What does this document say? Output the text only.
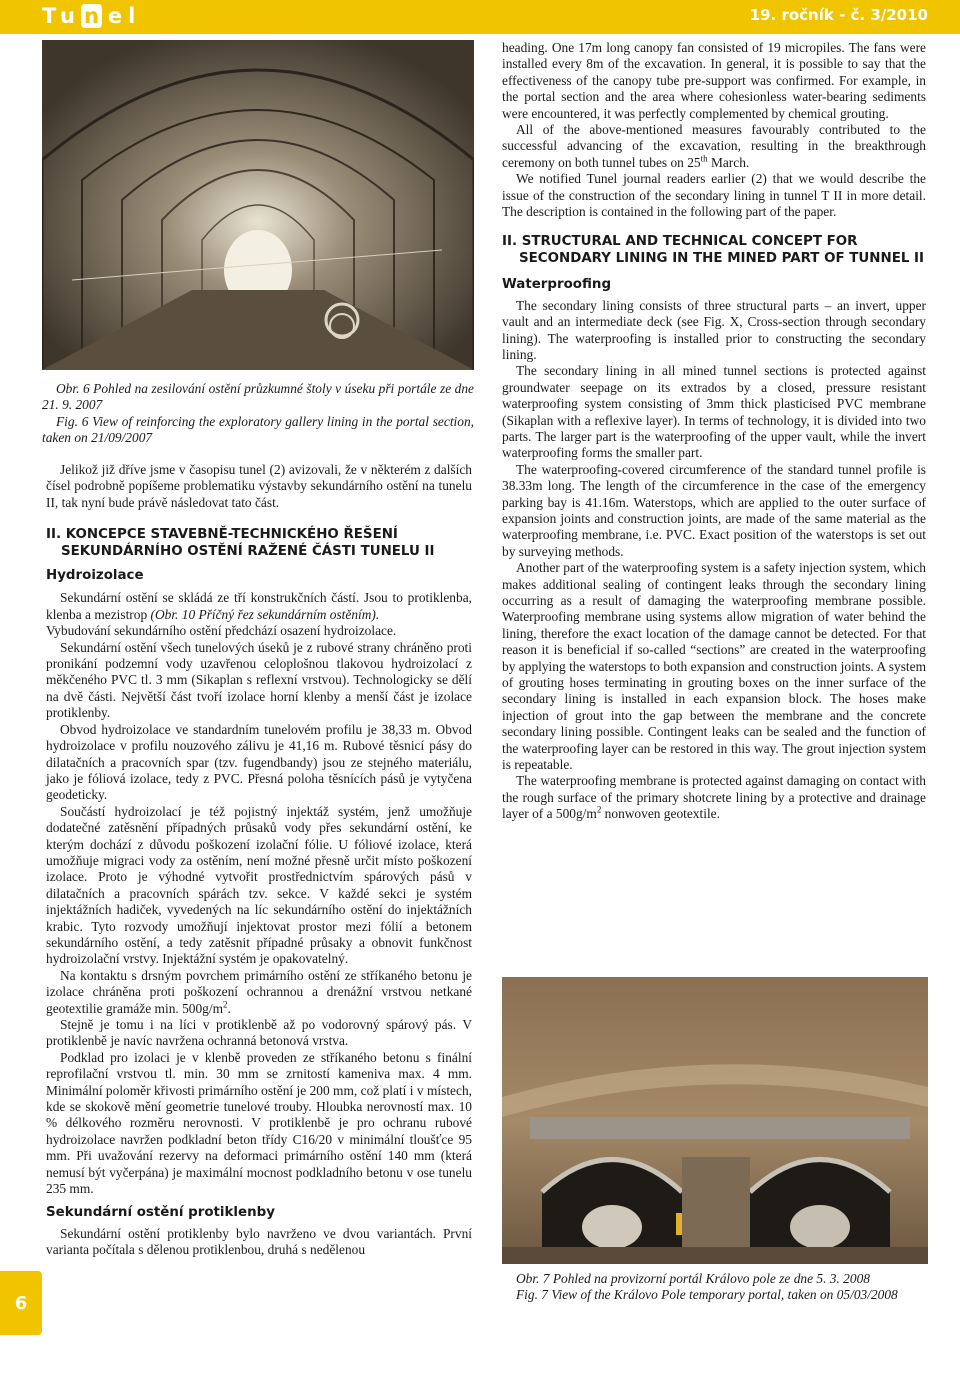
Tu n el	19. ročník - č. 3/2010

Obr. 6 Pohled na zesilování ostění průzkumné štoly v úseku při portále ze dne 21. 9. 2007

Fig. 6 View of reinforcing the exploratory gallery lining in the portal section, taken on 21/09/2007

Jelikož již dříve jsme v časopisu tunel (2) avizovali, že v některém z dalších čísel podrobně popíšeme problematiku výstavby sekundárního ostění na tunelu II, tak nyní bude právě následovat tato část.

II. KONCEPCE STAVEBNĚ-TECHNICKÉHO ŘEŠENÍ

SEKUNDÁRNÍHO OSTĚNÍ RAŽENÉ ČÁSTI TUNELU II

Hydroizolace

Sekundární ostění se skládá ze tří konstrukčních částí. Jsou to protiklenba, klenba a mezistrop (Obr. 10 Příčný řez sekundárním ostěním).

Vybudování sekundárního ostění předchází osazení hydroizolace.

Sekundární ostění všech tunelových úseků je z rubové strany chráněno proti pronikání podzemní vody uzavřenou celoplošnou tlakovou hydroizolací z měkčeného PVC tl. 3 mm (Sikaplan s reflexní vrstvou). Technologicky se dělí na dvě části. Největší část tvoří izolace horní klenby a menší část je izolace protiklenby.

Obvod hydroizolace ve standardním tunelovém profilu je 38,33 m. Obvod hydroizolace v profilu nouzového zálivu je 41,16 m. Rubové těsnicí pásy do dilatačních a pracovních spar (tzv. fugendbandy) jsou ze stejného materiálu, jako je fóliová izolace, tedy z PVC. Přesná poloha těsnících pásů je vytyčena geodeticky.

Součástí hydroizolací je též pojistný injektáž systém, jenž umožňuje dodatečné zatěsnění případných průsaků vody přes sekundární ostění, ke kterým dochází z důvodu poškození izolační fólie. U fóliové izolace, která umožňuje migraci vody za ostěním, není možné přesně určit místo poškození izolace. Proto je výhodné vytvořit prostřednictvím spárových pásů v dilatačních a pracovních spárách tzv. sekce. V každé sekci je systém injektážních hadiček, vyvedených na líc sekundárního ostění do injektážních krabic. Tyto rozvody umožňují injektovat prostor mezi fólií a betonem sekundárního ostění, a tedy zatěsnit případné průsaky a obnovit funkčnost hydroizolační vrstvy. Injektážní systém je opakovatelný.

Na kontaktu s drsným povrchem primárního ostění ze stříkaného betonu je izolace chráněna proti poškození ochrannou a drenážní vrstvou netkané geotextilie gramáže min. $500g/m^2$.

Stejně je tomu i na líci v protiklenbě až po vodorovný spárový pás. V protiklenbě je navíc navržena ochranná betonová vrstva.

Podklad pro izolaci je v klenbě proveden ze stříkaného betonu s finální reprofilační vrstvou tl. min. 30 mm se zrnitostí kameniva max. 4 mm. Minimální poloměr křivosti primárního ostění je 200 mm, což platí i v místech, kde se skokově mění geometrie tunelové trouby. Hloubka nerovností max. 10 % délkového rozměru nerovnosti. V protiklenbě je pro ochranu rubové hydroizolace navržen podkladní beton třídy C16/20 v minimální tloušťce 95 mm. Při uvažování rezervy na deformaci primárního ostění 140 mm (která nemusí být vyčerpána) je maximální mocnost podkladního betonu v ose tunelu 235 mm.

Sekundární ostění protiklenby

Sekundární ostění protiklenby bylo navrženo ve dvou variantách. První varianta počítala s dělenou protiklenbou, druhá s nedělenou

heading. One 17m long canopy fan consisted of 19 micropiles. The fans were installed every 8m of the excavation. In general, it is possible to say that the effectiveness of the canopy tube pre-support was confirmed. For example, in the portal section and the area where cohesionless water-bearing sediments were encountered, it was perfectly complemented by chemical grouting.

All of the above-mentioned measures favourably contributed to the successful advancing of the excavation, resulting in the breakthrough ceremony on both tunnel tubes on 25th March.

We notified Tunel journal readers earlier (2) that we would describe the issue of the construction of the secondary lining in tunnel T II in more detail. The description is contained in the following part of the paper.

II. STRUCTURAL AND TECHNICAL CONCEPT FOR

SECONDARY LINING IN THE MINED PART OF TUNNEL II

Waterproofing

The secondary lining consists of three structural parts – an invert, upper vault and an intermediate deck (see Fig. X, Cross-section through secondary lining). The waterproofing is installed prior to constructing the secondary lining.

The secondary lining in all mined tunnel sections is protected against groundwater seepage on its extrados by a closed, pressure resistant waterproofing system consisting of 3mm thick plasticised PVC membrane (Sikaplan with a reflexive layer). In terms of technology, it is divided into two parts. The larger part is the waterproofing of the upper vault, while the invert waterproofing forms the smaller part.

The waterproofing-covered circumference of the standard tunnel profile is 38.33m long. The length of the circumference in the case of the emergency parking bay is 41.16m. Waterstops, which are applied to the outer surface of expansion joints and construction joints, are made of the same material as the waterproofing membrane, i.e. PVC. Exact position of the waterstops is set out by surveying methods.

Another part of the waterproofing system is a safety injection system, which makes additional sealing of contingent leaks through the secondary lining occurring as a result of damaging the waterproofing membrane possible. Waterproofing membrane using systems allow migration of water behind the lining, therefore the exact location of the damage cannot be detected. For that reason it is beneficial if so-called “sections” are created in the waterproofing by applying the waterstops to both expansion and construction joints. A system of grouting hoses terminating in grouting boxes on the inner surface of the secondary lining is installed in each expansion block. The hoses make injection of grout into the gap between the membrane and the concrete secondary lining possible. Contingent leaks can be sealed and the function of the waterproofing layer can be restored in this way. The grout injection system is repeatable.

The waterproofing membrane is protected against damaging on contact with the rough surface of the primary shotcrete lining by a protective and drainage layer of a $500g/m^2$ nonwoven geotextile.

Obr. 7 Pohled na provizorní portál Královo pole ze dne 5. 3. 2008

Fig. 7 View of the Královo Pole temporary portal, taken on 05/03/2008

6
